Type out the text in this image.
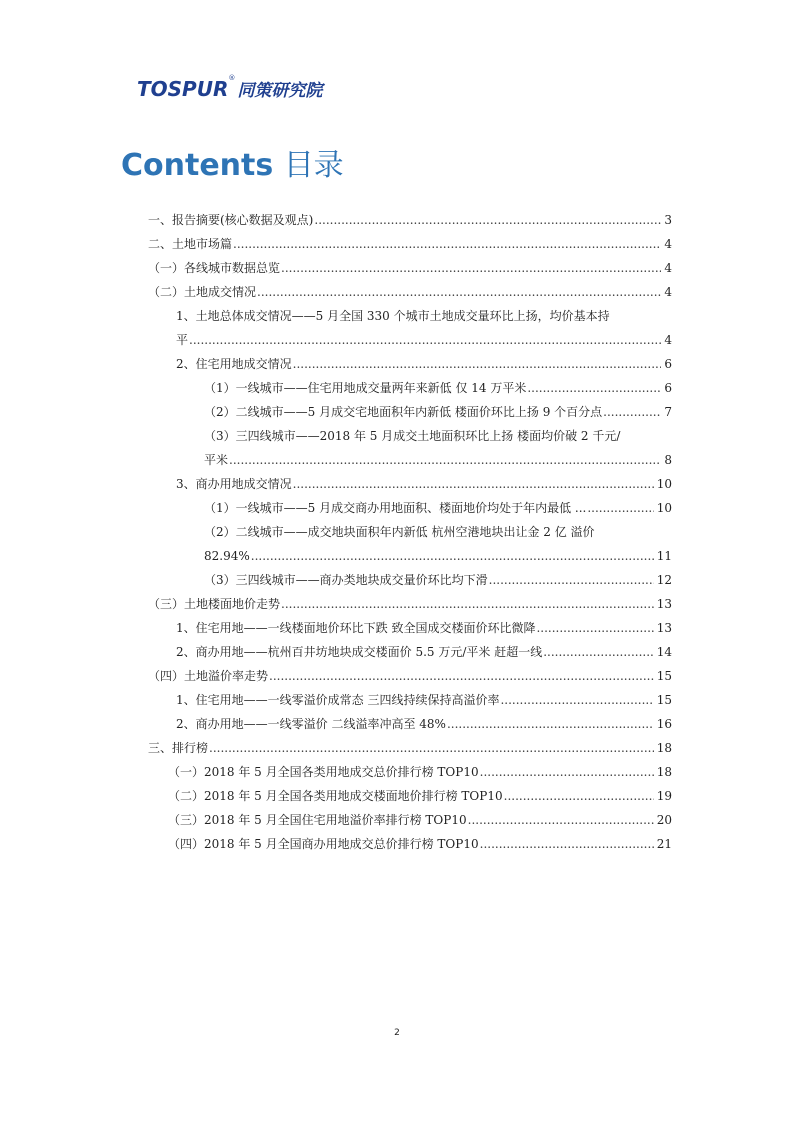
TOSPUR ®
同策研究院
Contents 目录
一、报告摘要(核心数据及观点) .....	3
二、土地市场篇 .....	4
（一）各线城市数据总览 .....	4
（二）土地成交情况 .....	4
1、土地总体成交情况——5 月全国 330 个城市土地成交量环比上扬，均价基本持
平 .....	4
2、住宅用地成交情况 .....	6
（1）一线城市——住宅用地成交量两年来新低 仅 14 万平米 .....	6
（2）二线城市——5 月成交宅地面积年内新低 楼面价环比上扬 9 个百分点 .....	7
（3）三四线城市——2018 年 5 月成交土地面积环比上扬 楼面均价破 2 千元/
平米 .....	8
3、商办用地成交情况 .....	10
（1）一线城市——5 月成交商办用地面积、楼面地价均处于年内最低 ... .....	10
（2）二线城市——成交地块面积年内新低 杭州空港地块出让金 2 亿 溢价
82.94% .....	11
（3）三四线城市——商办类地块成交量价环比均下滑 .....	12
（三）土地楼面地价走势 .....	13
1、住宅用地——一线楼面地价环比下跌 致全国成交楼面价环比微降 .....	13
2、商办用地——杭州百井坊地块成交楼面价 5.5 万元/平米 赶超一线 .....	14
（四）土地溢价率走势 .....	15
1、住宅用地——一线零溢价成常态 三四线持续保持高溢价率 .....	15
2、商办用地——一线零溢价 二线溢率冲高至 48% .....	16
三、排行榜 .....	18
（一）2018 年 5 月全国各类用地成交总价排行榜 TOP10 .....	18
（二）2018 年 5 月全国各类用地成交楼面地价排行榜 TOP10 .....	19
（三）2018 年 5 月全国住宅用地溢价率排行榜 TOP10 .....	20
（四）2018 年 5 月全国商办用地成交总价排行榜 TOP10 .....	21
2
